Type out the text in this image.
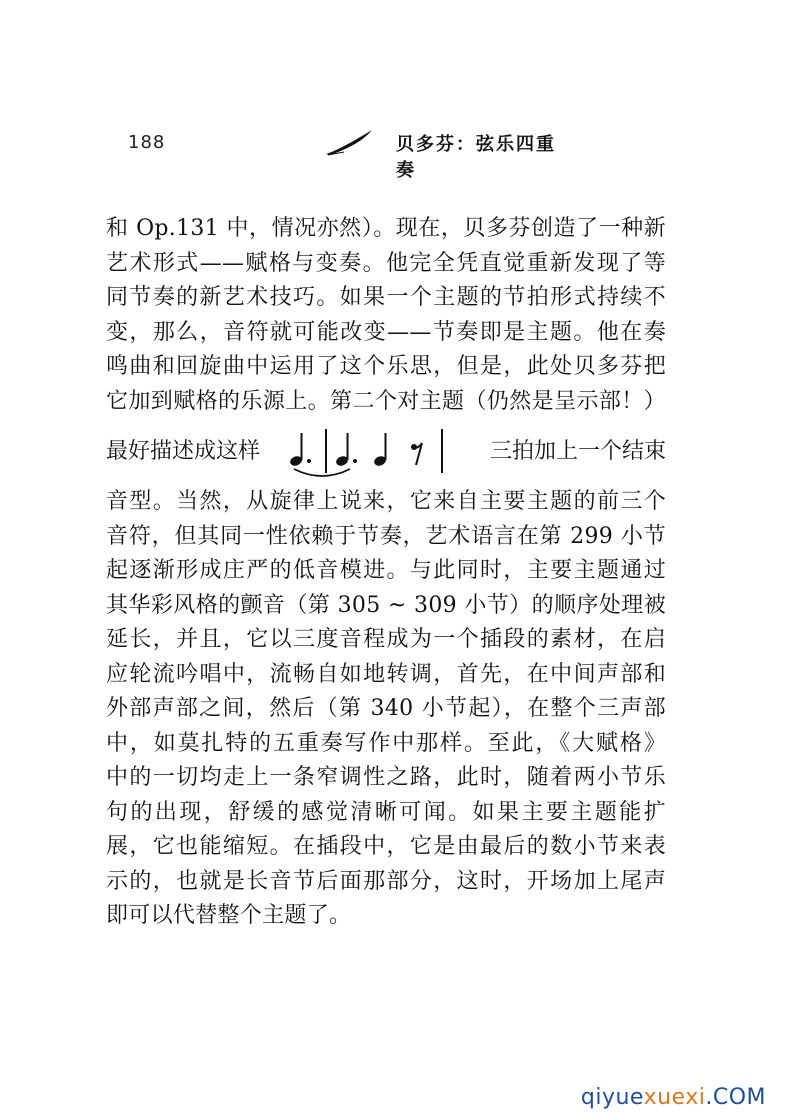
188	贝多芬：弦乐四重奏
和 Op.131 中，情况亦然）。现在，贝多芬创造了一种新
艺术形式——赋格与变奏。他完全凭直觉重新发现了等
同节奏的新艺术技巧。如果一个主题的节拍形式持续不
变，那么，音符就可能改变——节奏即是主题。他在奏
鸣曲和回旋曲中运用了这个乐思，但是，此处贝多芬把
它加到赋格的乐源上。第二个对主题（仍然是呈示部！）
最好描述成这样	三拍加上一个结束
音型。当然，从旋律上说来，它来自主要主题的前三个
音符，但其同一性依赖于节奏，艺术语言在第 299 小节
起逐渐形成庄严的低音模进。与此同时，主要主题通过
其华彩风格的颤音（第 305 ~ 309 小节）的顺序处理被
延长，并且，它以三度音程成为一个插段的素材，在启
应轮流吟唱中，流畅自如地转调，首先，在中间声部和
外部声部之间，然后（第 340 小节起），在整个三声部
中，如莫扎特的五重奏写作中那样。至此，《大赋格》
中的一切均走上一条窄调性之路，此时，随着两小节乐
句的出现，舒缓的感觉清晰可闻。如果主要主题能扩
展，它也能缩短。在插段中，它是由最后的数小节来表
示的，也就是长音节后面那部分，这时，开场加上尾声
即可以代替整个主题了。
qiyuexuexi.COM
